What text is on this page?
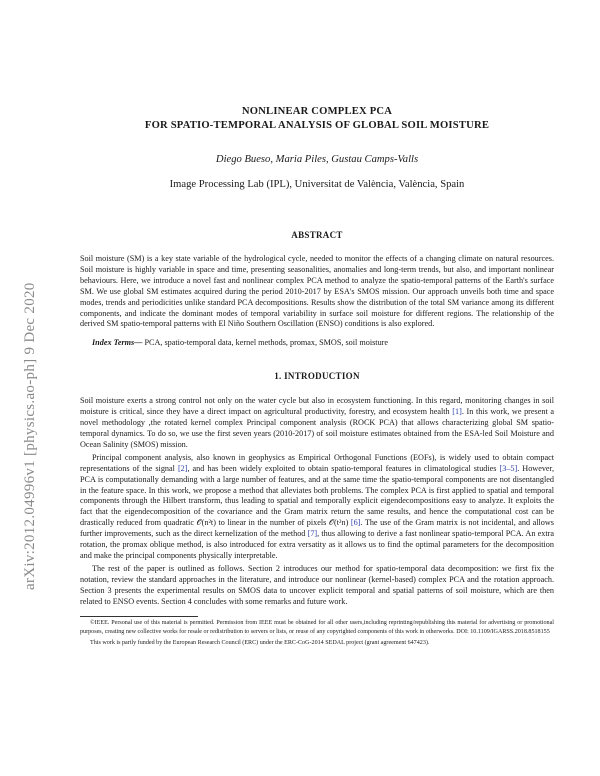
arXiv:2012.04996v1 [physics.ao-ph] 9 Dec 2020
NONLINEAR COMPLEX PCA
FOR SPATIO-TEMPORAL ANALYSIS OF GLOBAL SOIL MOISTURE
Diego Bueso, Maria Piles, Gustau Camps-Valls
Image Processing Lab (IPL), Universitat de València, València, Spain
ABSTRACT

Soil moisture (SM) is a key state variable of the hydrological cycle, needed to monitor the effects of a changing climate on natural resources. Soil moisture is highly variable in space and time, presenting seasonalities, anomalies and long-term trends, but also, and important nonlinear behaviours. Here, we introduce a novel fast and nonlinear complex PCA method to analyze the spatio-temporal patterns of the Earth's surface SM. We use global SM estimates acquired during the period 2010-2017 by ESA's SMOS mission. Our approach unveils both time and space modes, trends and periodicities unlike standard PCA decompositions. Results show the distribution of the total SM variance among its different components, and indicate the dominant modes of temporal variability in surface soil moisture for different regions. The relationship of the derived SM spatio-temporal patterns with El Niño Southern Oscillation (ENSO) conditions is also explored.

Index Terms— PCA, spatio-temporal data, kernel methods, promax, SMOS, soil moisture

1. INTRODUCTION

Soil moisture exerts a strong control not only on the water cycle but also in ecosystem functioning. In this regard, monitoring changes in soil moisture is critical, since they have a direct impact on agricultural productivity, forestry, and ecosystem health [1]. In this work, we present a novel methodology ,the rotated kernel complex Principal component analysis (ROCK PCA) that allows characterizing global SM spatio-temporal dynamics. To do so, we use the first seven years (2010-2017) of soil moisture estimates obtained from the ESA-led Soil Moisture and Ocean Salinity (SMOS) mission.

Principal component analysis, also known in geophysics as Empirical Orthogonal Functions (EOFs), is widely used to obtain compact representations of the signal [2], and has been widely exploited to obtain spatio-temporal features in climatological studies [3–5]. However, PCA is computationally demanding with a large number of features, and at the same time the spatio-temporal components are not disentangled in the feature space. In this work, we propose a method that alleviates both problems. The complex PCA is first applied to spatial and temporal components through the Hilbert transform, thus leading to spatial and temporally explicit eigendecompositions easy to analyze. It exploits the fact that the eigendecomposition of the covariance and the Gram matrix return the same results, and hence the computational cost can be drastically reduced from quadratic 𝒪(n²t) to linear in the number of pixels 𝒪(t²n) [6]. The use of the Gram matrix is not incidental, and allows further improvements, such as the direct kernelization of the method [7], thus allowing to derive a fast nonlinear spatio-temporal PCA. An extra rotation, the promax oblique method, is also introduced for extra versatity as it allows us to find the optimal parameters for the decomposition and make the principal components physically interpretable.

The rest of the paper is outlined as follows. Section 2 introduces our method for spatio-temporal data decomposition: we first fix the notation, review the standard approaches in the literature, and introduce our nonlinear (kernel-based) complex PCA and the rotation approach. Section 3 presents the experimental results on SMOS data to uncover explicit temporal and spatial patterns of soil moisture, which are then related to ENSO events. Section 4 concludes with some remarks and future work.

©IEEE. Personal use of this material is permitted. Permission from IEEE must be obtained for all other users,including reprinting/republishing this material for advertising or promotional purposes, creating new collective works for resale or redistribution to servers or lists, or reuse of any copyrighted components of this work in otherworks. DOI: 10.1109/IGARSS.2018.8518155

This work is partly funded by the European Research Council (ERC) under the ERC-CoG-2014 SEDAL project (grant agreement 647423).
